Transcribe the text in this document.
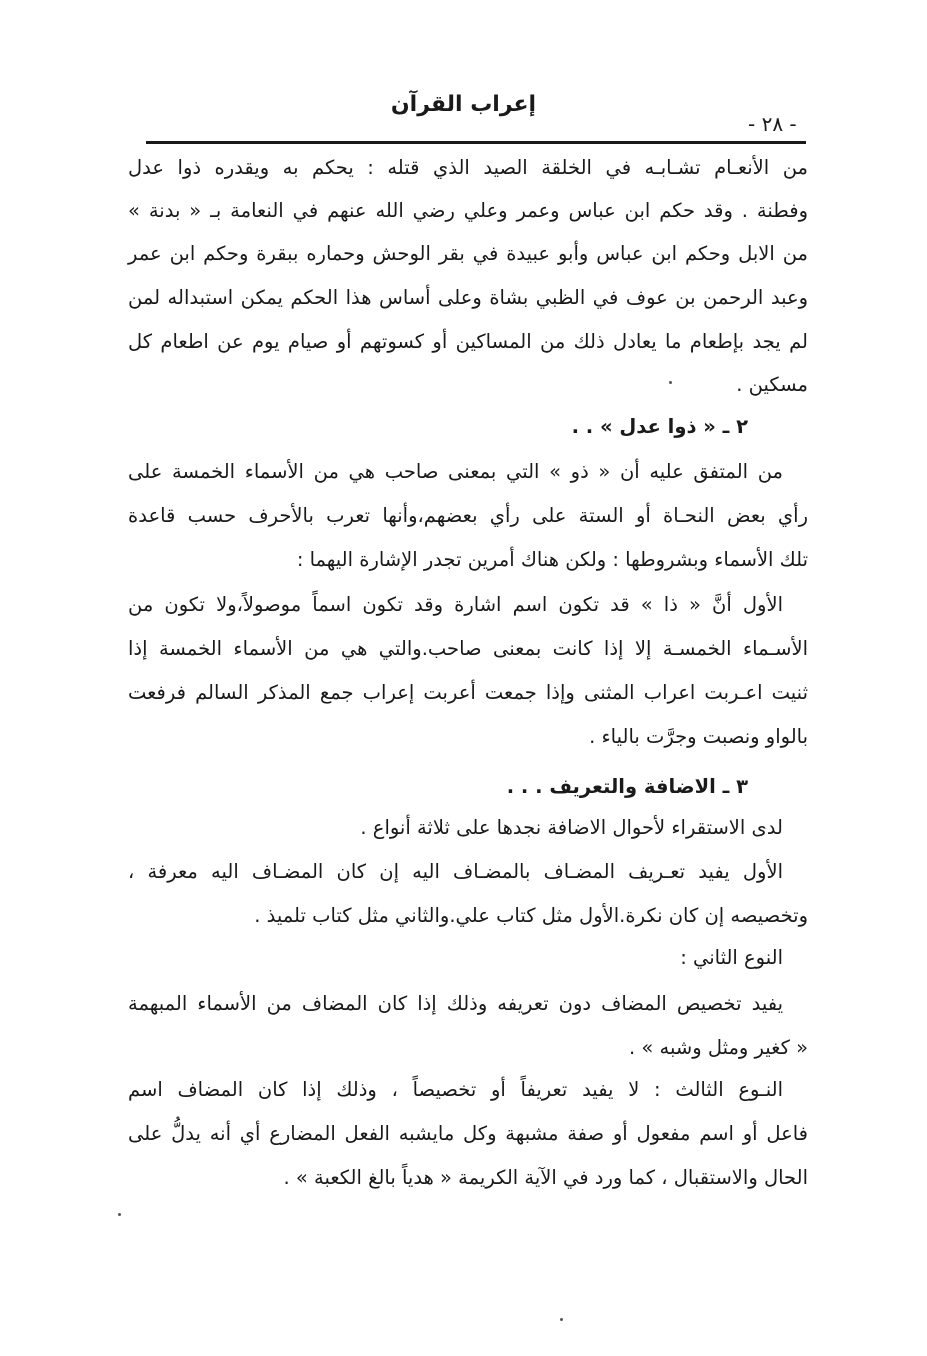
إعراب القرآن
- ٢٨ -
من الأنعـام تشـابـه في الخلقة الصيد الذي قتله : يحكم به ويقدره ذوا عدل
وفطنة . وقد حكم ابن عباس وعمر وعلي رضي الله عنهم في النعامة بـ « بدنة »
من الابل وحكم ابن عباس وأبو عبيدة في بقر الوحش وحماره ببقرة وحكم ابن عمر
وعبد الرحمن بن عوف في الظبي بشاة وعلى أساس هذا الحكم يمكن استبداله لمن
لم يجد بإطعام ما يعادل ذلك من المساكين أو كسوتهم أو صيام يوم عن اطعام كل
مسكين .
٢ ـ « ذوا عدل » . .
من المتفق عليه أن « ذو » التي بمعنى صاحب هي من الأسماء الخمسة على
رأي بعض النحـاة أو الستة على رأي بعضهم،وأنها تعرب بالأحرف حسب قاعدة
تلك الأسماء وبشروطها : ولكن هناك أمرين تجدر الإشارة اليهما :
الأول أنَّ « ذا » قد تكون اسم اشارة وقد تكون اسماً موصولاً،ولا تكون من
الأسـماء الخمسـة إلا إذا كانت بمعنى صاحب.والتي هي من الأسماء الخمسة إذا
ثنيت اعـربت اعراب المثنى وإذا جمعت أعربت إعراب جمع المذكر السالم فرفعت
بالواو ونصبت وجرَّت بالياء .
٣ ـ الاضافة والتعريف . . .
لدى الاستقراء لأحوال الاضافة نجدها على ثلاثة أنواع .
الأول يفيد تعـريف المضـاف بالمضـاف اليه إن كان المضـاف اليه معرفة ،
وتخصيصه إن كان نكرة.الأول مثل كتاب علي.والثاني مثل كتاب تلميذ .
النوع الثاني :
يفيد تخصيص المضاف دون تعريفه وذلك إذا كان المضاف من الأسماء المبهمة
« كغير ومثل وشبه » .
النـوع الثالث : لا يفيد تعريفاً أو تخصيصاً ، وذلك إذا كان المضاف اسم
فاعل أو اسم مفعول أو صفة مشبهة وكل مايشبه الفعل المضارع أي أنه يدلُّ على
الحال والاستقبال ، كما ورد في الآية الكريمة « هدياً بالغ الكعبة » .
